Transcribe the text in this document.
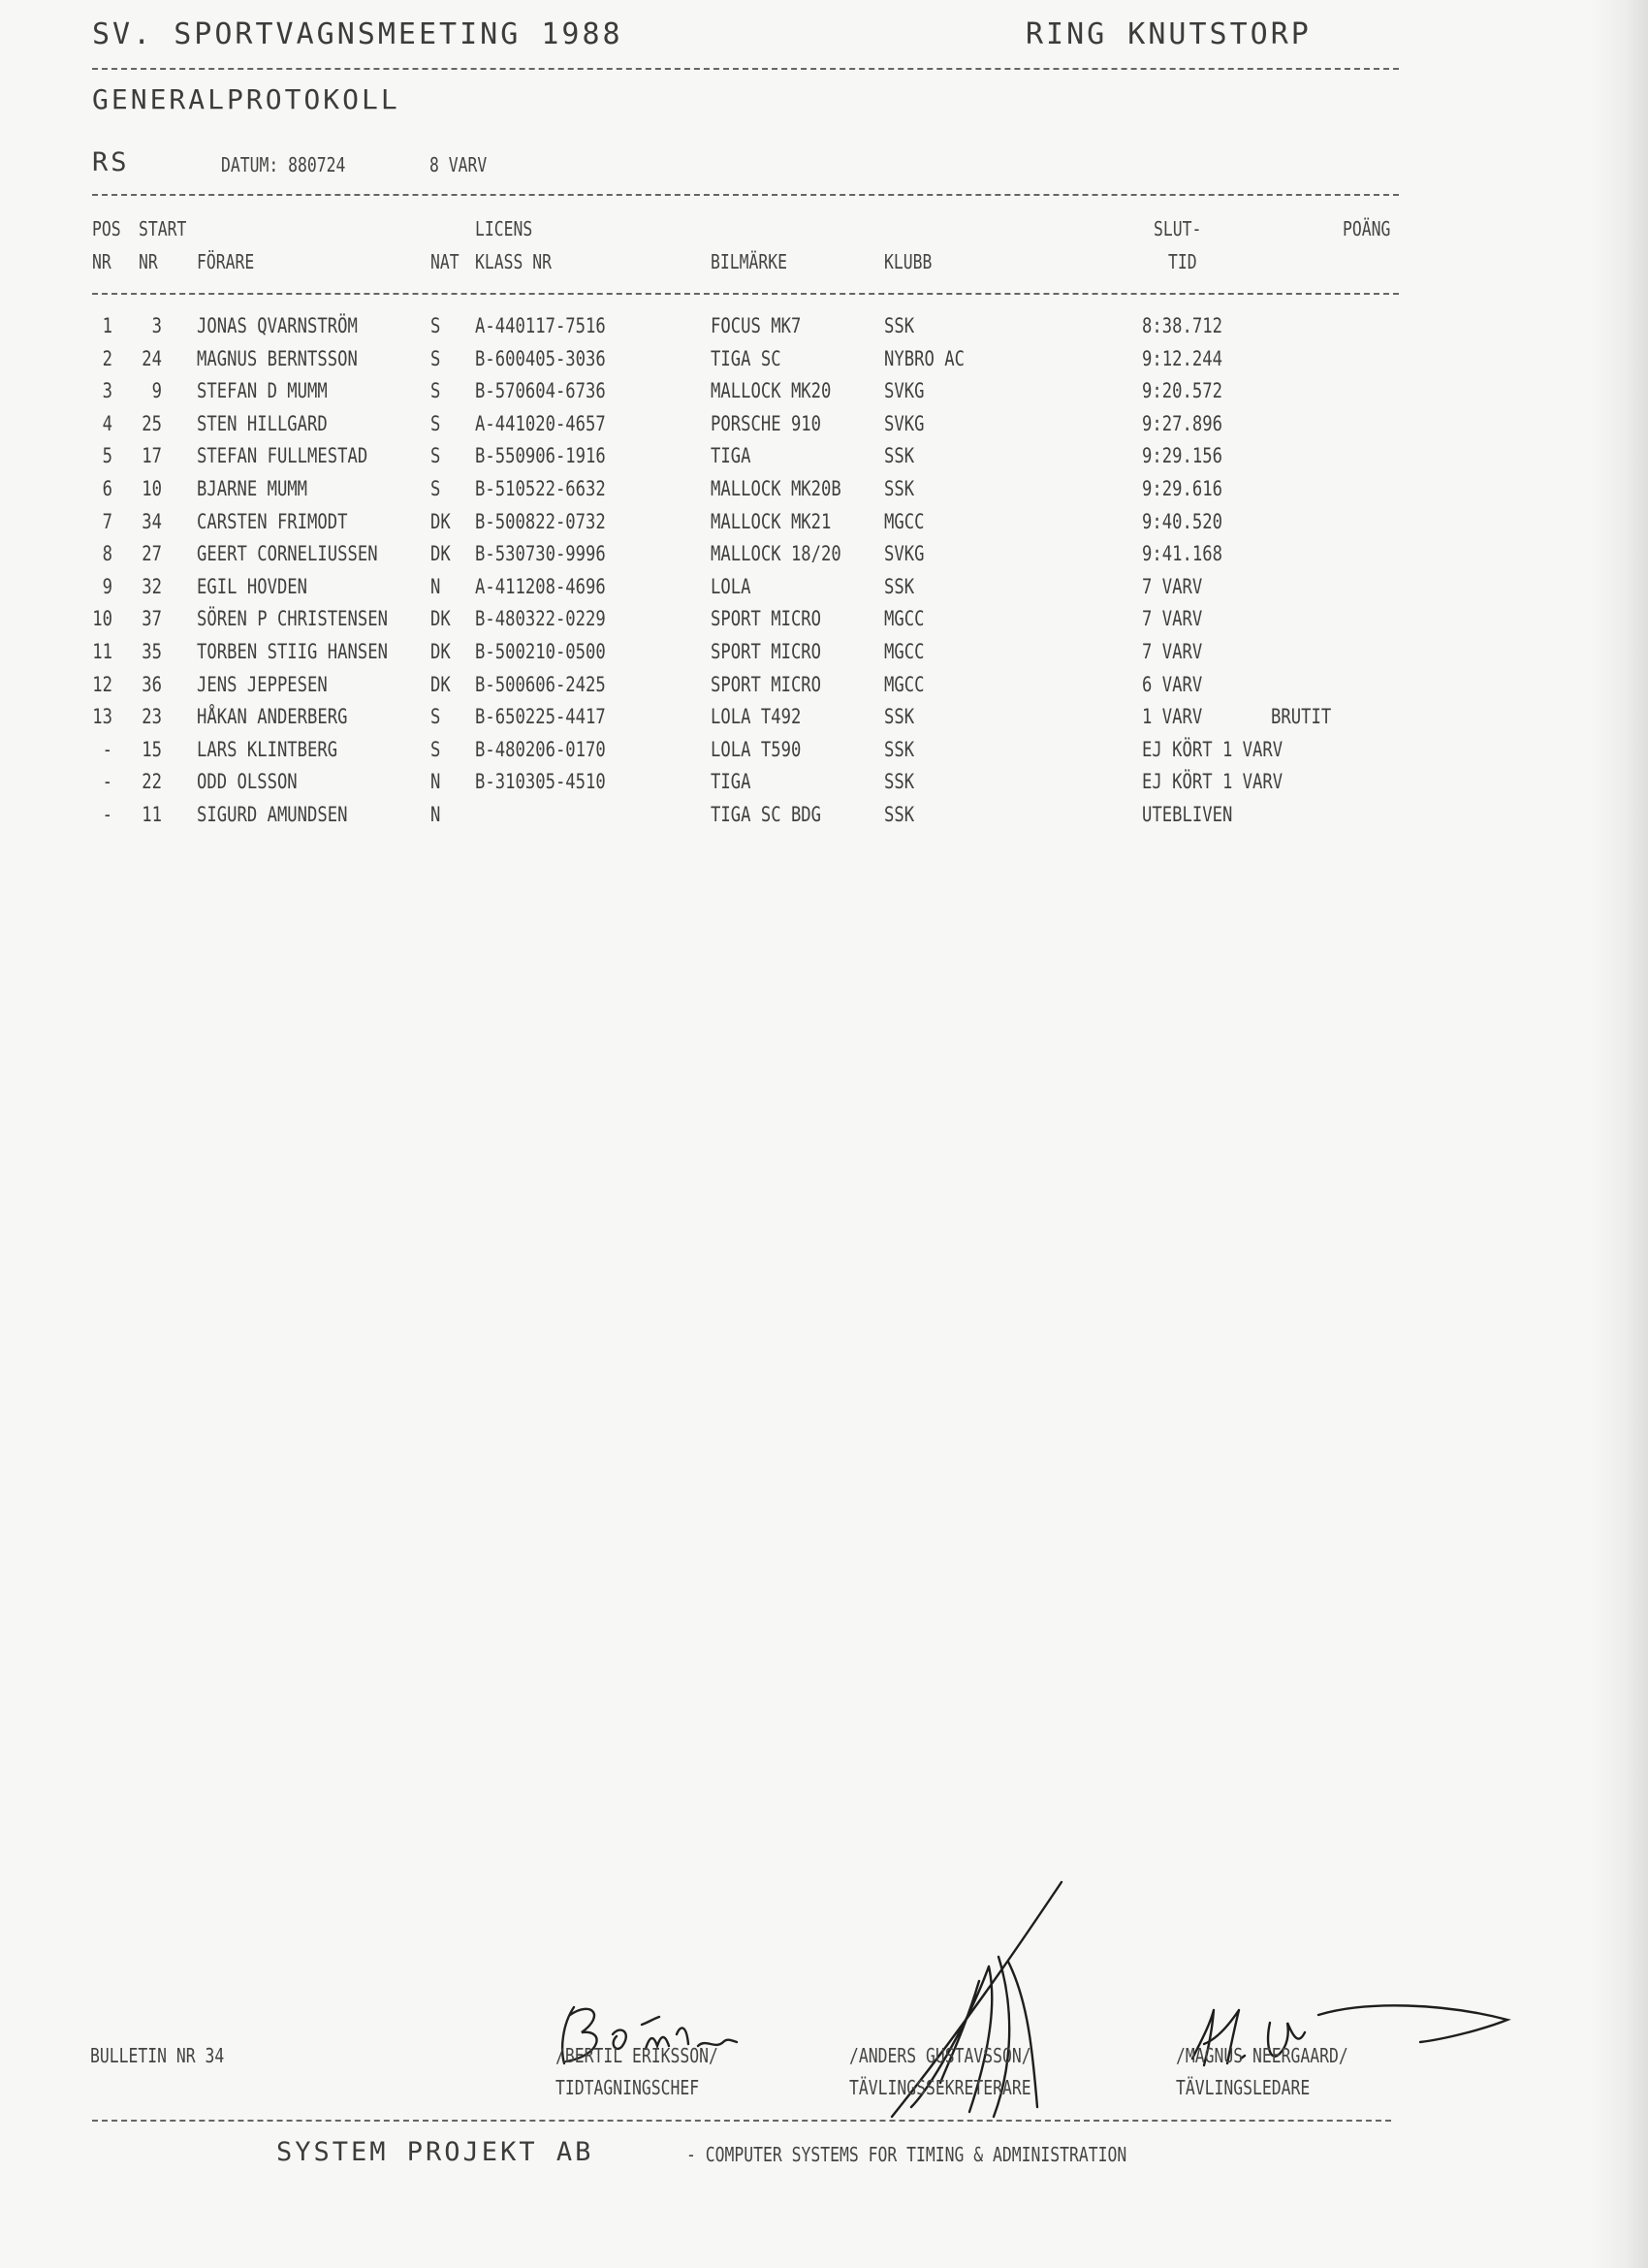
SV. SPORTVAGNSMEETING 1988	RING KNUTSTORP
GENERALPROTOKOLL
RS	DATUM: 880724	8 VARV
POS START	LICENS	SLUT-	POÄNG
NR NR FÖRARE	NAT KLASS NR	BILMÄRKE	KLUBB	TID
1	3 JONAS QVARNSTRÖM	S A-440117-7516	FOCUS MK7	SSK	8:38.712
2 24 MAGNUS BERNTSSON	S B-600405-3036	TIGA SC	NYBRO AC	9:12.244
3	9 STEFAN D MUMM	S B-570604-6736	MALLOCK MK20	SVKG	9:20.572
4 25 STEN HILLGARD	S A-441020-4657	PORSCHE 910	SVKG	9:27.896
5 17 STEFAN FULLMESTAD	S B-550906-1916	TIGA	SSK	9:29.156
6 10 BJARNE MUMM	S B-510522-6632	MALLOCK MK20B SSK	9:29.616
7 34 CARSTEN FRIMODT	DK B-500822-0732	MALLOCK MK21	MGCC	9:40.520
8 27 GEERT CORNELIUSSEN	DK B-530730-9996	MALLOCK 18/20 SVKG	9:41.168
9 32 EGIL HOVDEN	N A-411208-4696	LOLA	SSK	7 VARV
10 37 SÖREN P CHRISTENSEN DK B-480322-0229	SPORT MICRO	MGCC	7 VARV
11 35 TORBEN STIIG HANSEN DK B-500210-0500	SPORT MICRO	MGCC	7 VARV
12 36 JENS JEPPESEN	DK B-500606-2425	SPORT MICRO	MGCC	6 VARV
13 23 HÅKAN ANDERBERG	S B-650225-4417	LOLA T492	SSK	1 VARV	BRUTIT
- 15 LARS KLINTBERG	S B-480206-0170	LOLA T590	SSK	EJ KÖRT 1 VARV
- 22 ODD OLSSON	N B-310305-4510	TIGA	SSK	EJ KÖRT 1 VARV
- 11 SIGURD AMUNDSEN	N	TIGA SC BDG	SSK	UTEBLIVEN
BULLETIN NR 34

	/BERTIL ERIKSSON/
TIDTAGNINGSCHEF
/ANDERS GUSTAVSSON/
TÄVLINGSSEKRETERARE
/MAGNUS NEERGAARD/
TÄVLINGSLEDARE
SYSTEM PROJEKT AB	- COMPUTER SYSTEMS FOR TIMING & ADMINISTRATION
